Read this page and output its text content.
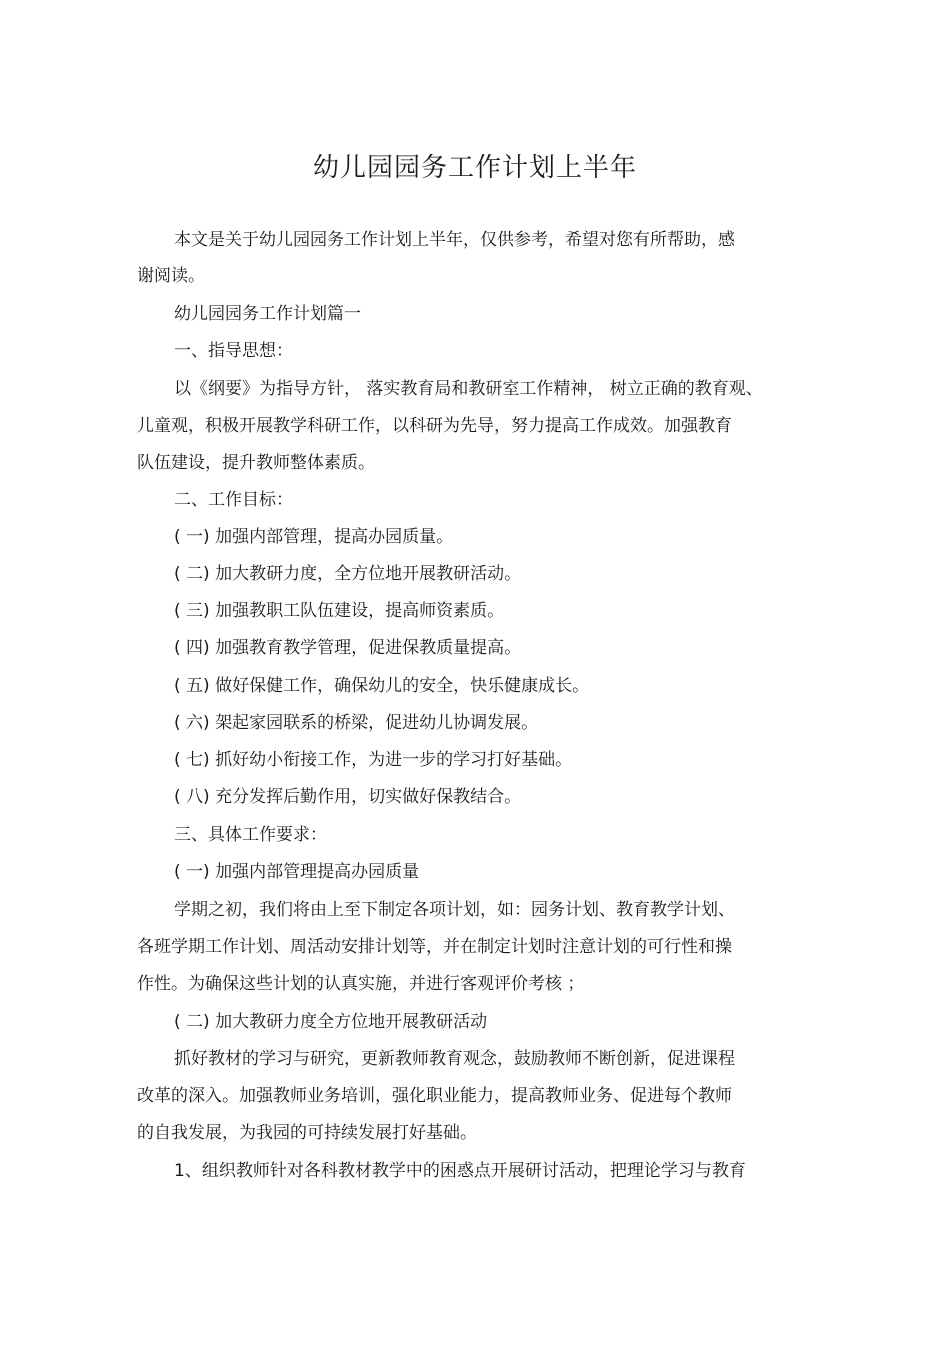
幼儿园园务工作计划上半年

本文是关于幼儿园园务工作计划上半年，仅供参考，希望对您有所帮助，感

谢阅读。

幼儿园园务工作计划篇一

一、指导思想：

以《纲要》为指导方针， 落实教育局和教研室工作精神， 树立正确的教育观、

儿童观，积极开展教学科研工作，以科研为先导，努力提高工作成效。加强教育

队伍建设，提升教师整体素质。

二、工作目标：

( 一) 加强内部管理，提高办园质量。

( 二) 加大教研力度，全方位地开展教研活动。

( 三) 加强教职工队伍建设，提高师资素质。

( 四) 加强教育教学管理，促进保教质量提高。

( 五) 做好保健工作，确保幼儿的安全，快乐健康成长。

( 六) 架起家园联系的桥梁，促进幼儿协调发展。

( 七) 抓好幼小衔接工作，为进一步的学习打好基础。

( 八) 充分发挥后勤作用，切实做好保教结合。

三、具体工作要求：

( 一) 加强内部管理提高办园质量

学期之初，我们将由上至下制定各项计划，如：园务计划、教育教学计划、

各班学期工作计划、周活动安排计划等，并在制定计划时注意计划的可行性和操

作性。为确保这些计划的认真实施，并进行客观评价考核 ；

( 二) 加大教研力度全方位地开展教研活动

抓好教材的学习与研究，更新教师教育观念，鼓励教师不断创新，促进课程

改革的深入。加强教师业务培训，强化职业能力，提高教师业务、促进每个教师

的自我发展，为我园的可持续发展打好基础。

1、组织教师针对各科教材教学中的困惑点开展研讨活动，把理论学习与教育
